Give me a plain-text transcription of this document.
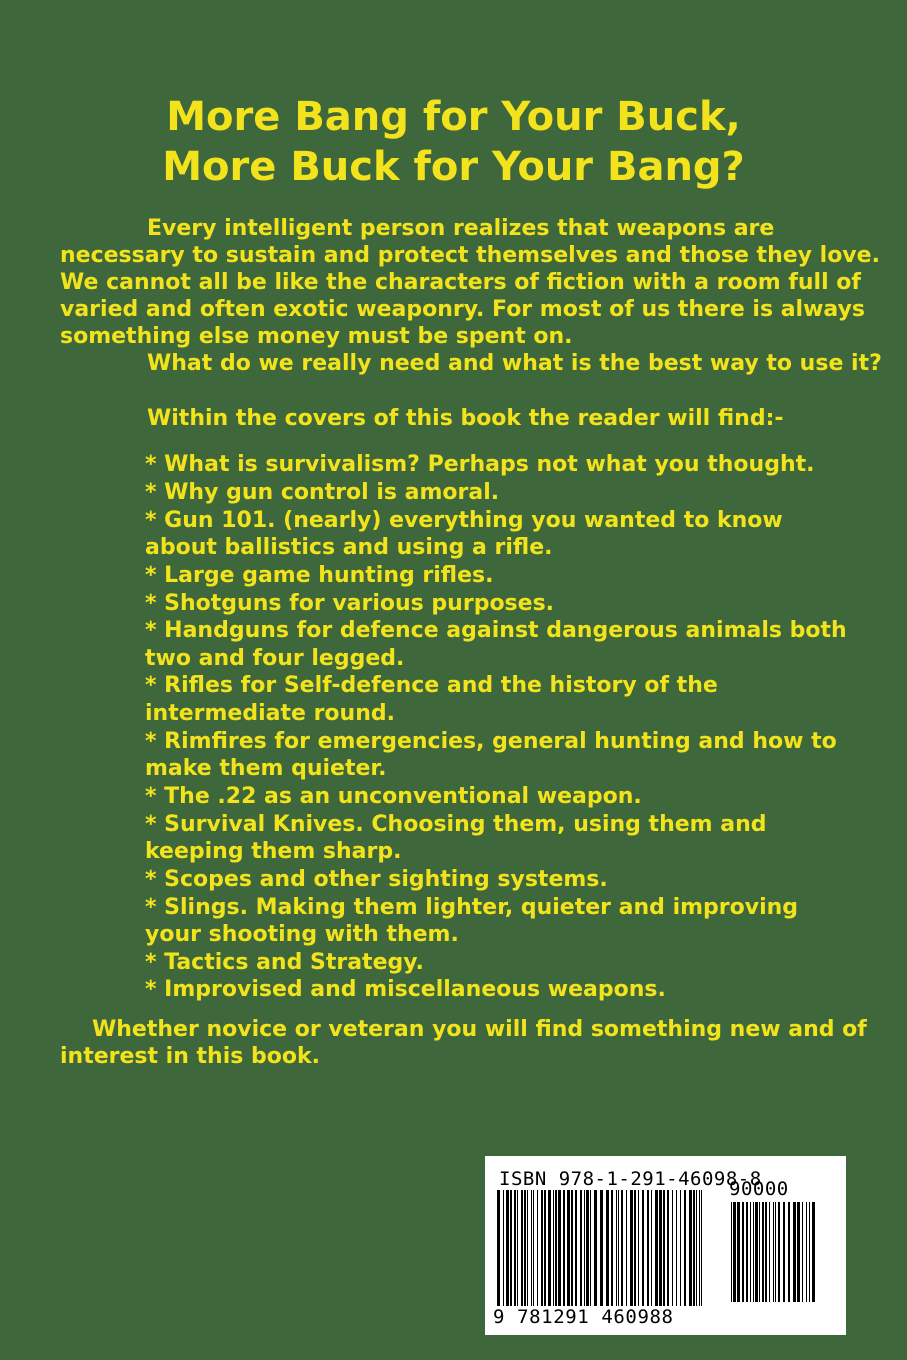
More Bang for Your Buck,
More Buck for Your Bang?

Every intelligent person realizes that weapons are

necessary to sustain and protect themselves and those they love.

We cannot all be like the characters of fiction with a room full of

varied and often exotic weaponry. For most of us there is always

something else money must be spent on.

What do we really need and what is the best way to use it?

Within the covers of this book the reader will find:-

* What is survivalism? Perhaps not what you thought.

* Why gun control is amoral.

* Gun 101. (nearly) everything you wanted to know

about ballistics and using a rifle.

* Large game hunting rifles.

* Shotguns for various purposes.

* Handguns for defence against dangerous animals both

two and four legged.

* Rifles for Self-defence and the history of the

intermediate round.

* Rimfires for emergencies, general hunting and how to

make them quieter.

* The .22 as an unconventional weapon.

* Survival Knives. Choosing them, using them and

keeping them sharp.

* Scopes and other sighting systems.

* Slings. Making them lighter, quieter and improving

your shooting with them.

* Tactics and Strategy.

* Improvised and miscellaneous weapons.

Whether novice or veteran you will find something new and of

interest in this book.

ISBN 978-1-291-46098-8
90000
9 781291 460988
